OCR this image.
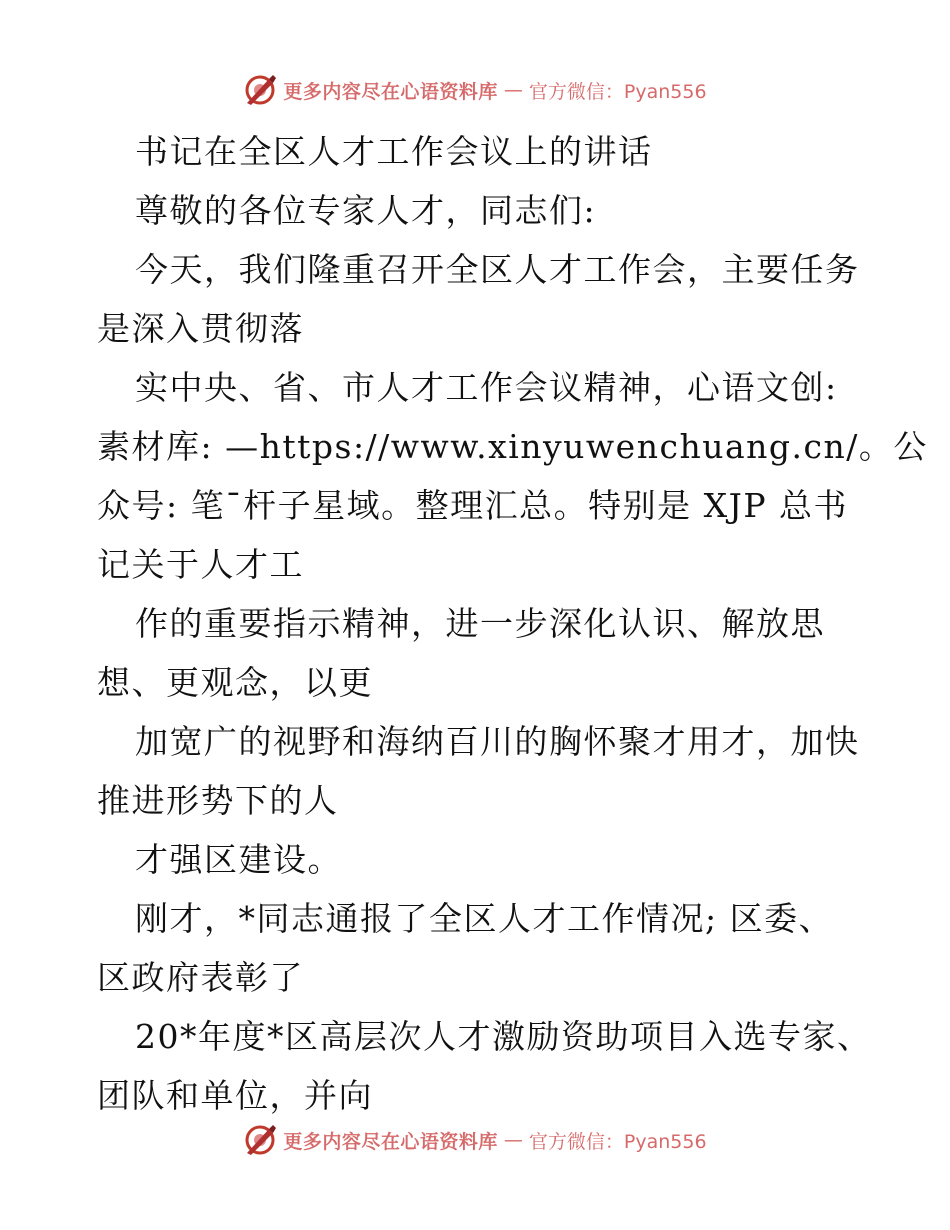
更多内容尽在心语资料库 — 官方微信：Pyan556
书记在全区人才工作会议上的讲话
尊敬的各位专家人才，同志们:
今天，我们隆重召开全区人才工作会，主要任务
是深入贯彻落
实中央、省、市人才工作会议精神，心语文创:
素材库: —https://www.xinyuwenchuang.cn/。公
众号: 笔¯杆子星域。整理汇总。特别是 XJP 总书
记关于人才工
作的重要指示精神，进一步深化认识、解放思
想、更观念，以更
加宽广的视野和海纳百川的胸怀聚才用才，加快
推进形势下的人
才强区建设。
刚才，*同志通报了全区人才工作情况; 区委、
区政府表彰了
20*年度*区高层次人才激励资助项目入选专家、
团队和单位，并向
更多内容尽在心语资料库 — 官方微信：Pyan556
